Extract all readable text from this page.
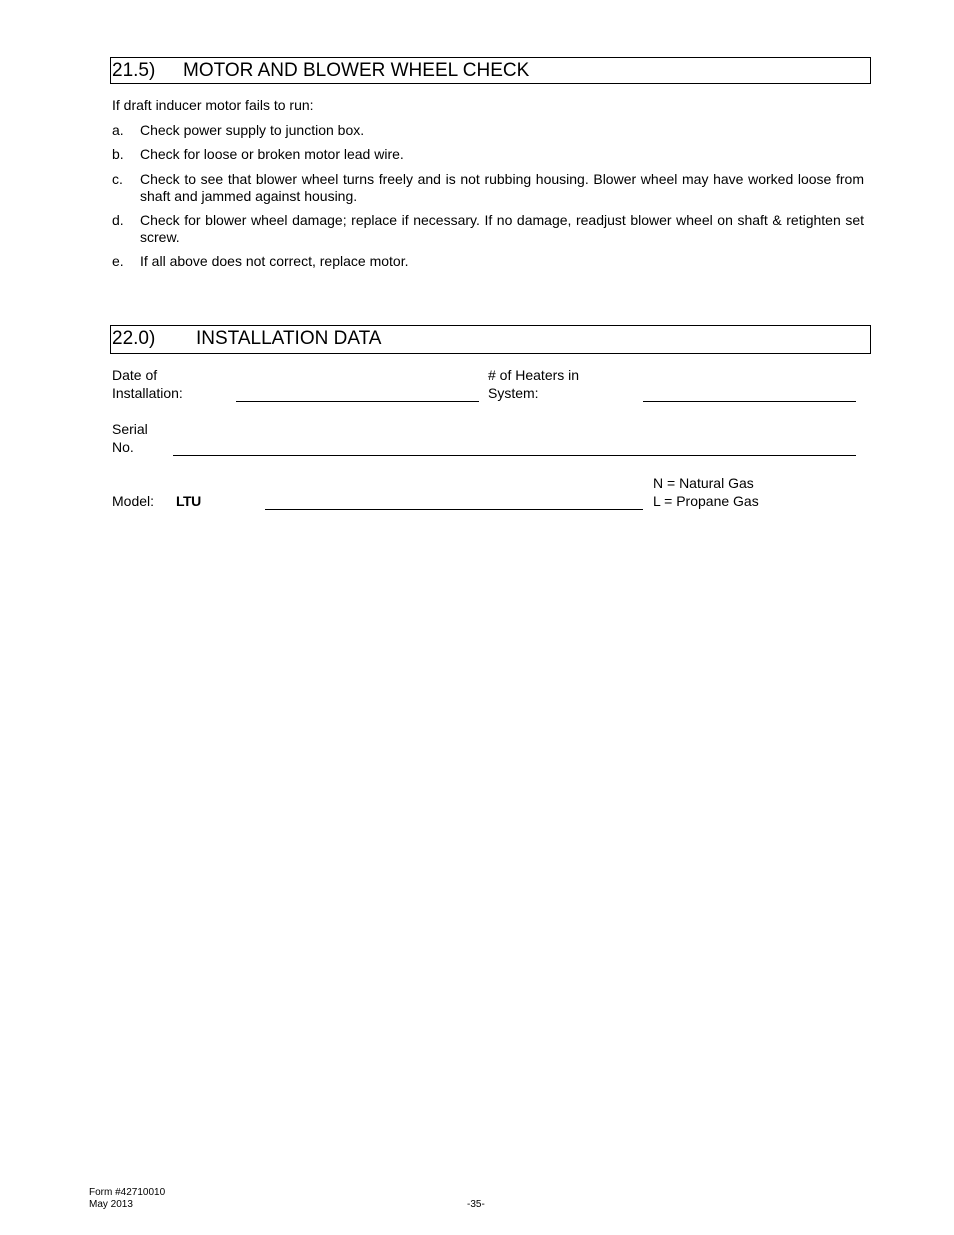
21.5) MOTOR AND BLOWER WHEEL CHECK
If draft inducer motor fails to run:
a. Check power supply to junction box.
b. Check for loose or broken motor lead wire.
c. Check to see that blower wheel turns freely and is not rubbing housing. Blower wheel may have worked loose from shaft and jammed against housing.
d. Check for blower wheel damage; replace if necessary. If no damage, readjust blower wheel on shaft & retighten set screw.
e. If all above does not correct, replace motor.
22.0) INSTALLATION DATA
Date of
Installation:
# of Heaters in
System:
Serial
No.
Model: LTU
N = Natural Gas
L = Propane Gas
Form #42710010
May 2013	-35-
